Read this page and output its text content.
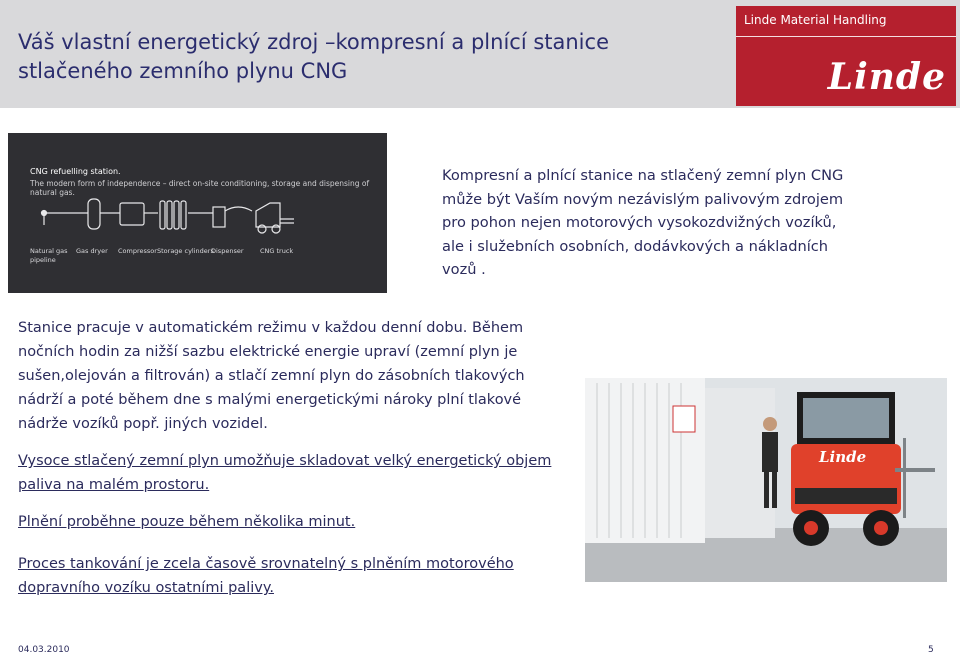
Váš vlastní energetický zdroj –kompresní a plnící stanice stlačeného zemního plynu CNG
Linde Material Handling
Linde
CNG refuelling station.
The modern form of independence – direct on-site conditioning, storage and dispensing of natural gas.
Natural gas pipeline
Gas dryer Compressor Storage cylinders
Dispenser	CNG truck

Kompresní a plnící stanice na stlačený zemní plyn CNG může být Vaším novým nezávislým palivovým zdrojem pro pohon nejen motorových vysokozdvižných vozíků, ale i služebních osobních, dodávkových a nákladních vozů .

Stanice pracuje v automatickém režimu v každou denní dobu. Během nočních hodin za nižší sazbu elektrické energie upraví (zemní plyn je sušen,olejován a filtrován) a stlačí zemní plyn do zásobních tlakových nádrží a poté během dne s malými energetickými nároky plní tlakové nádrže vozíků popř. jiných vozidel.

Vysoce stlačený zemní plyn umožňuje skladovat velký energetický objem paliva na malém prostoru.

Plnění proběhne pouze během několika minut.

Proces tankování je zcela časově srovnatelný s plněním motorového dopravního vozíku ostatními palivy.

Linde
04.03.2010	5
